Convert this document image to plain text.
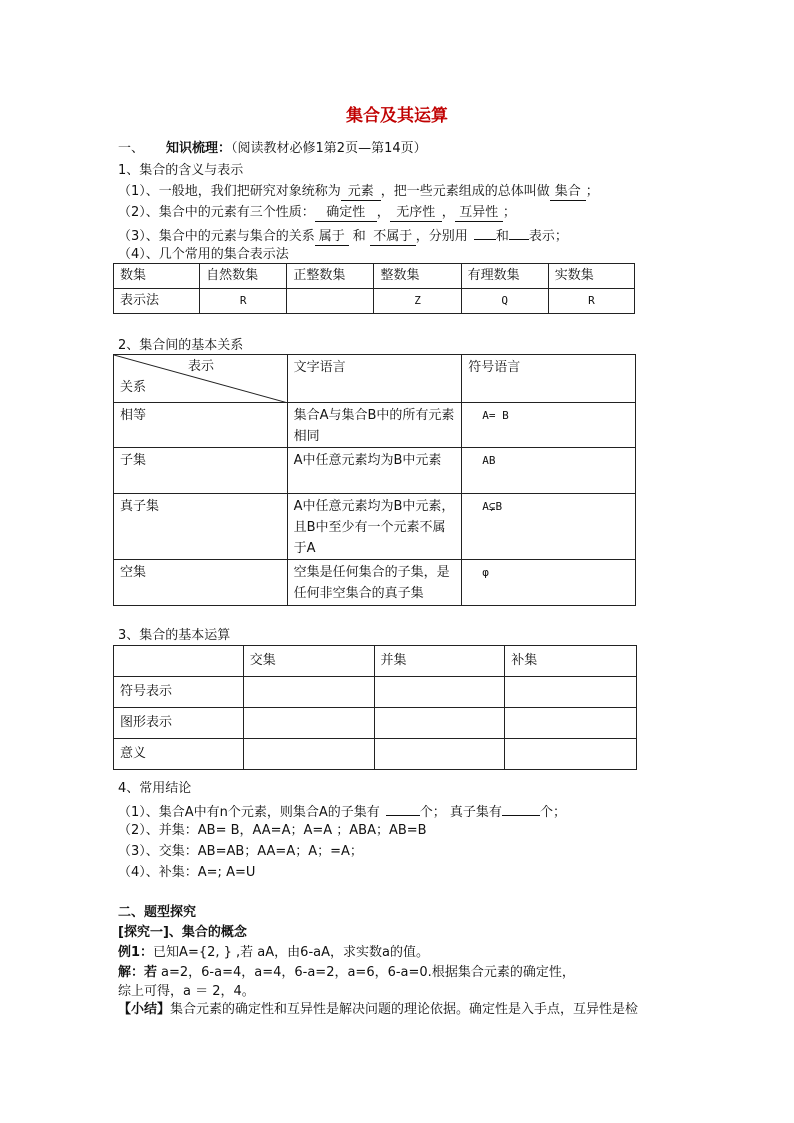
集合及其运算
一、 知识梳理：（阅读教材必修1第2页—第14页）
1、集合的含义与表示
（1）、一般地，我们把研究对象统称为 元素 ，把一些元素组成的总体叫做 集合 ；
（2）、集合中的元素有三个性质： 确定性 ， 无序性 ， 互异性 ；
（3）、集合中的元素与集合的关系 属于 和 不属于 ，分别用 和 表示；
（4）、几个常用的集合表示法
数集	自然数集	正整数集	整数集	有理数集	实数集
表示法	R		Z	Q	R
2、集合间的基本关系
表示
关系	文字语言	符号语言
相等	集合A与集合B中的所有元素相同	A= B
子集	A中任意元素均为B中元素	AB
真子集	A中任意元素均为B中元素，且B中至少有一个元素不属于A	A⊊B
空集	空集是任何集合的子集，是任何非空集合的真子集	φ
3、集合的基本运算
	交集	并集	补集
符号表示			
图形表示			
意义			
4、常用结论
（1）、集合A中有n个元素，则集合A的子集有	个； 真子集有	个；
（2）、并集：AB= B，AA=A；A=A ；ABA；AB=B
（3）、交集：AB=AB；AA=A；A；=A；
（4）、补集：A=; A=U
二、题型探究
[探究一]、集合的概念
例1：已知A={2, } ,若 aA，由6-aA，求实数a的值。
解：若 a=2，6-a=4，a=4，6-a=2，a=6，6-a=0.根据集合元素的确定性，
综上可得，a ＝ 2，4。
【小结】集合元素的确定性和互异性是解决问题的理论依据。确定性是入手点，互异性是检
